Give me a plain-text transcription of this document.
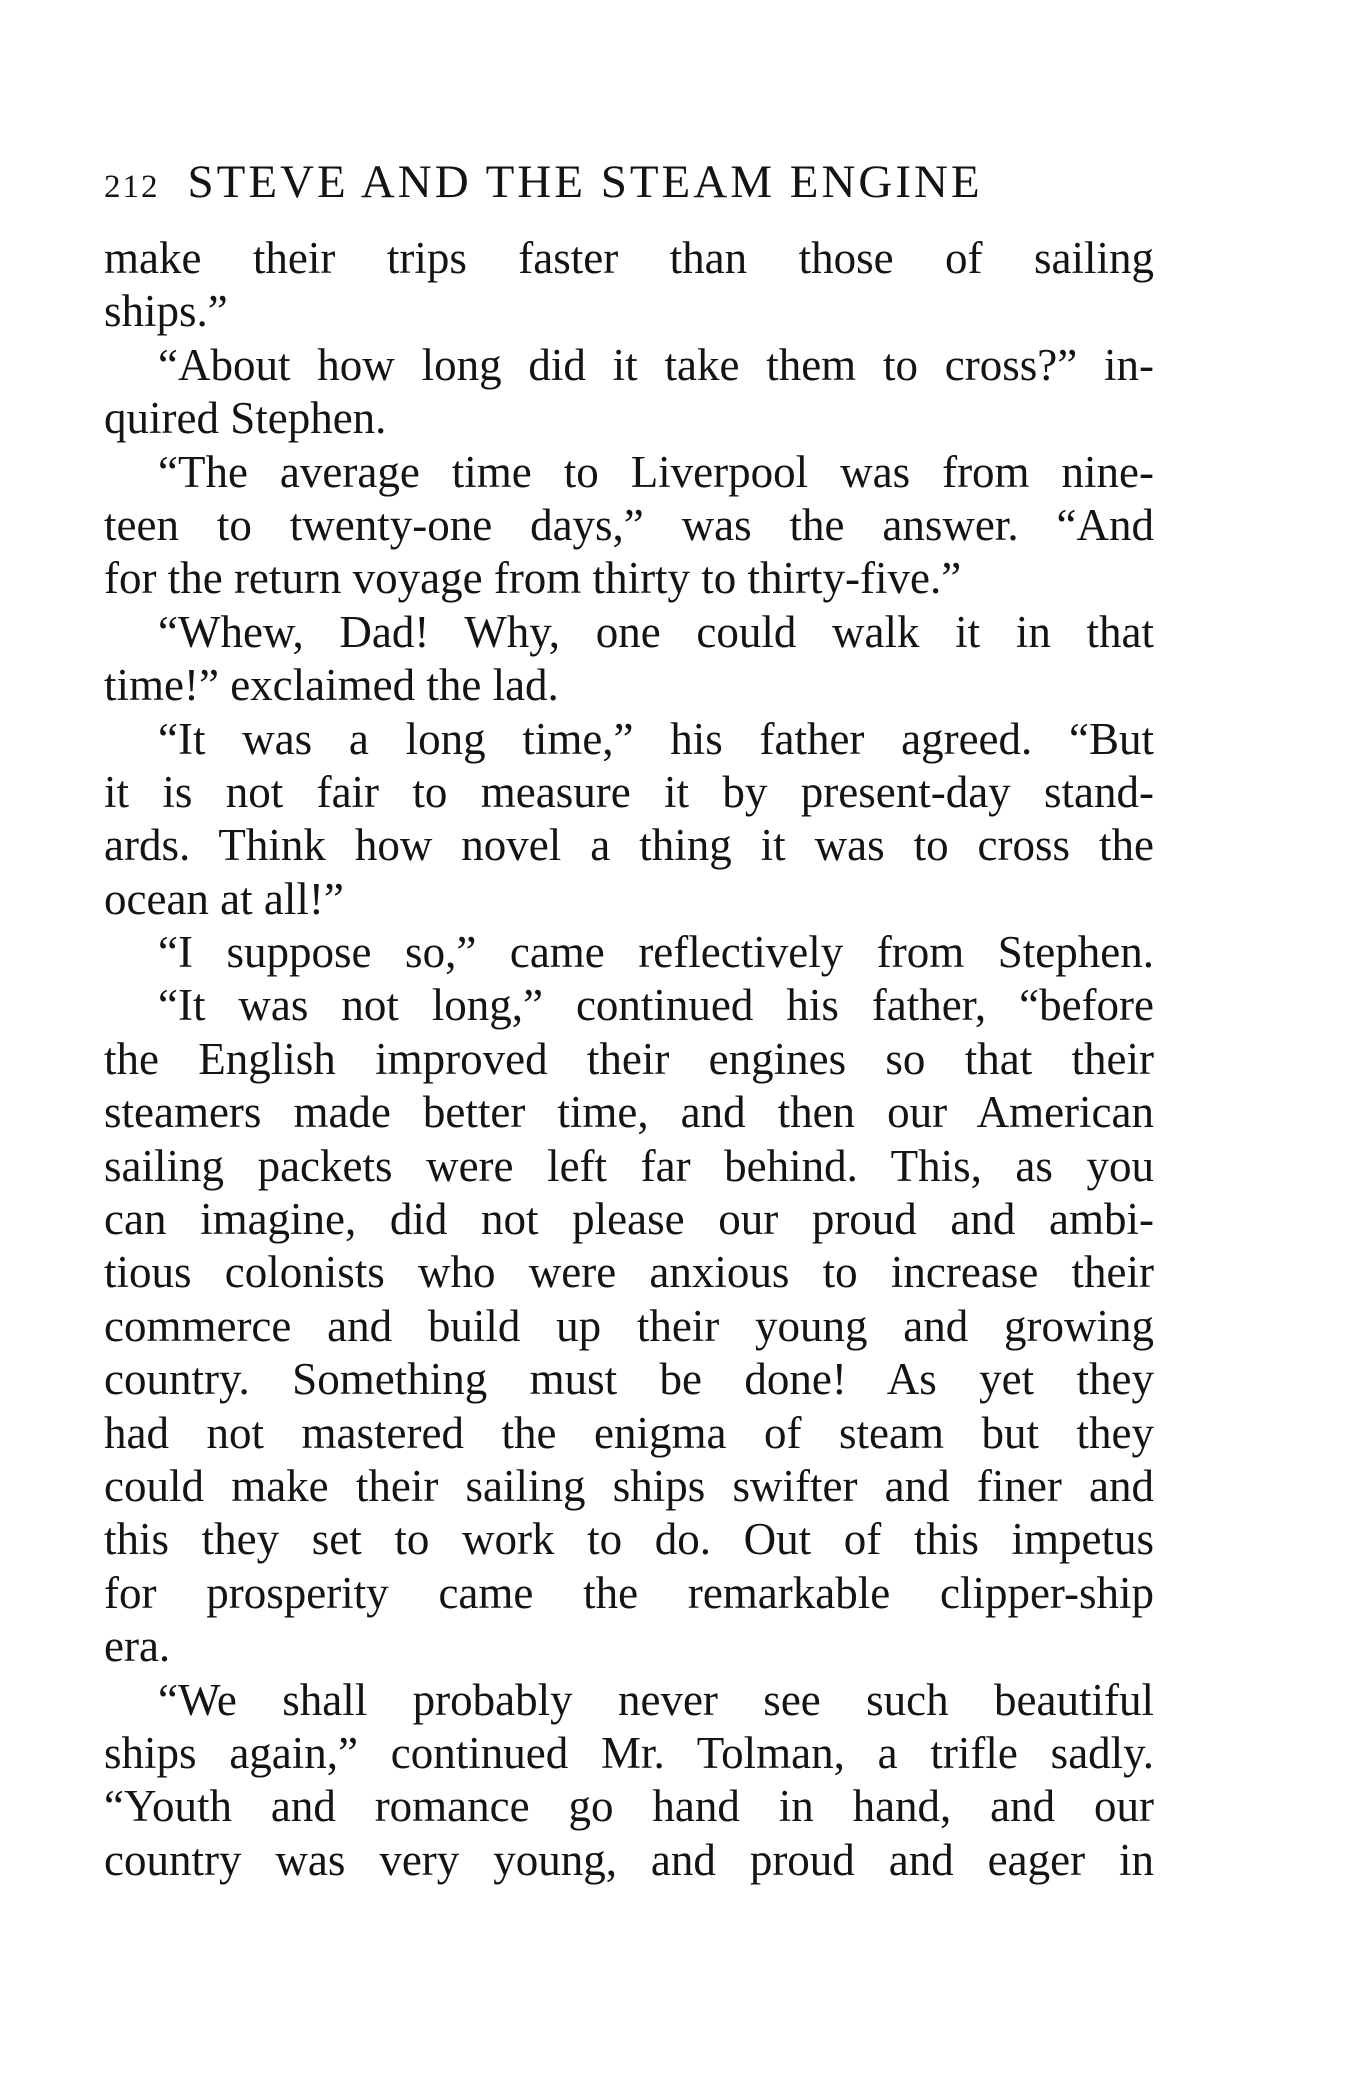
212 STEVE AND THE STEAM ENGINE
make their trips faster than those of sailing
ships.”
“About how long did it take them to cross?” in-
quired Stephen.
“The average time to Liverpool was from nine-
teen to twenty-one days,” was the answer. “And
for the return voyage from thirty to thirty-five.”
“Whew, Dad! Why, one could walk it in that
time!” exclaimed the lad.
“It was a long time,” his father agreed. “But
it is not fair to measure it by present-day stand-
ards. Think how novel a thing it was to cross the
ocean at all!”
“I suppose so,” came reflectively from Stephen.
“It was not long,” continued his father, “before
the English improved their engines so that their
steamers made better time, and then our American
sailing packets were left far behind. This, as you
can imagine, did not please our proud and ambi-
tious colonists who were anxious to increase their
commerce and build up their young and growing
country. Something must be done! As yet they
had not mastered the enigma of steam but they
could make their sailing ships swifter and finer and
this they set to work to do. Out of this impetus
for prosperity came the remarkable clipper-ship
era.
“We shall probably never see such beautiful
ships again,” continued Mr. Tolman, a trifle sadly.
“Youth and romance go hand in hand, and our
country was very young, and proud and eager in
